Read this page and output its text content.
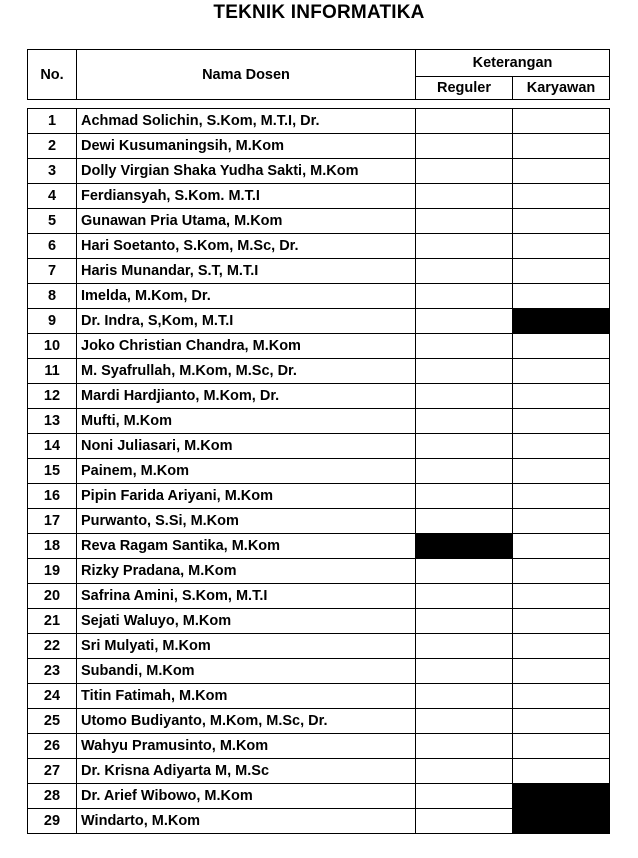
TEKNIK INFORMATIKA
No.	Nama Dosen	Keterangan	
		Reguler	Karyawan
1	Achmad Solichin, S.Kom, M.T.I, Dr.		
2	Dewi Kusumaningsih, M.Kom		
3	Dolly Virgian Shaka Yudha Sakti, M.Kom		
4	Ferdiansyah, S.Kom. M.T.I		
5	Gunawan Pria Utama, M.Kom		
6	Hari Soetanto, S.Kom, M.Sc, Dr.		
7	Haris Munandar, S.T, M.T.I		
8	Imelda, M.Kom, Dr.		
9	Dr. Indra, S,Kom, M.T.I		
10	Joko Christian Chandra, M.Kom		
11	M. Syafrullah, M.Kom, M.Sc, Dr.		
12	Mardi Hardjianto, M.Kom, Dr.		
13	Mufti, M.Kom		
14	Noni Juliasari, M.Kom		
15	Painem, M.Kom		
16	Pipin Farida Ariyani, M.Kom		
17	Purwanto, S.Si, M.Kom		
18	Reva Ragam Santika, M.Kom		
19	Rizky Pradana, M.Kom		
20	Safrina Amini, S.Kom, M.T.I		
21	Sejati Waluyo, M.Kom		
22	Sri Mulyati, M.Kom		
23	Subandi, M.Kom		
24	Titin Fatimah, M.Kom		
25	Utomo Budiyanto, M.Kom, M.Sc, Dr.		
26	Wahyu Pramusinto, M.Kom		
27	Dr. Krisna Adiyarta M, M.Sc		
28	Dr. Arief Wibowo, M.Kom		
29	Windarto, M.Kom		
